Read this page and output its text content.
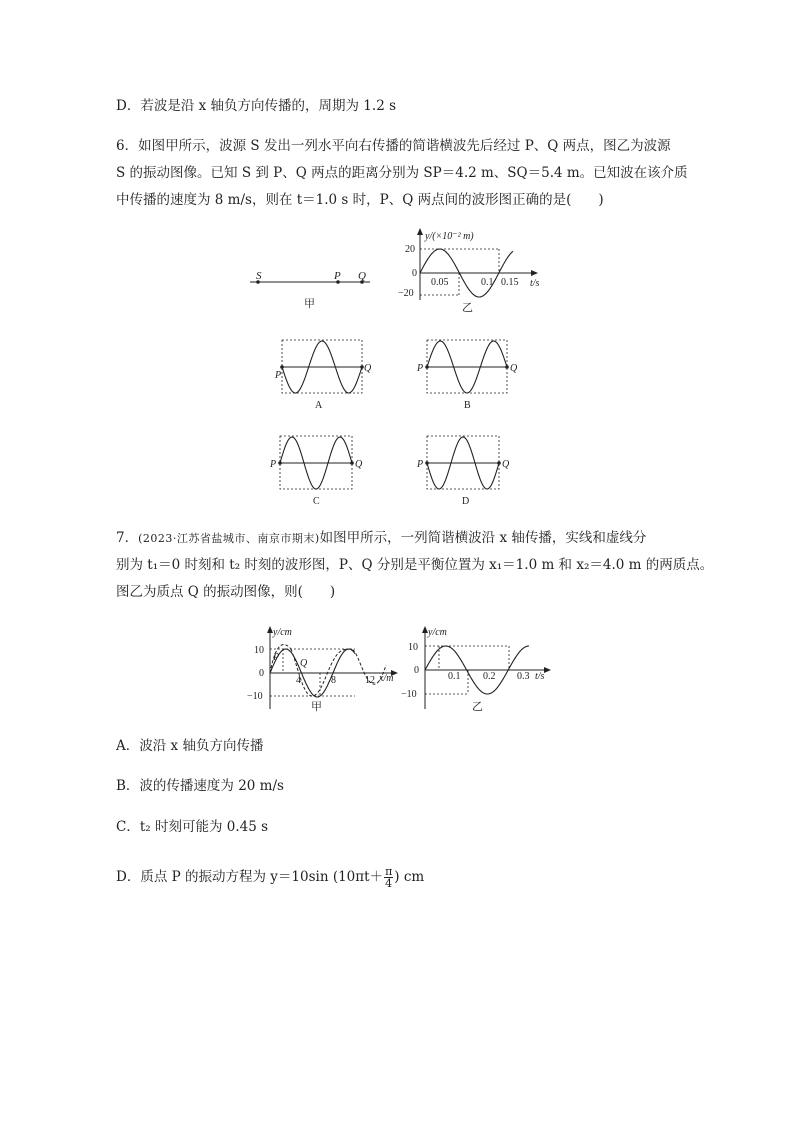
D．若波是沿 x 轴负方向传播的，周期为 1.2 s
6．如图甲所示，波源 S 发出一列水平向右传播的简谐横波先后经过 P、Q 两点，图乙为波源
S 的振动图像。已知 S 到 P、Q 两点的距离分别为 SP＝4.2 m、SQ＝5.4 m。已知波在该介质
中传播的速度为 8 m/s，则在 t＝1.0 s 时，P、Q 两点间的波形图正确的是(　　)
S	P Q
甲
y/(×10⁻² m)
t/s
20
0
−20
0.05	0.1 0.15
乙
P
Q
A
P	Q
B
P	Q
C
P	Q
D
7．(2023·江苏省盐城市、南京市期末)如图甲所示，一列简谐横波沿 x 轴传播，实线和虚线分
别为 t₁＝0 时刻和 t₂ 时刻的波形图，P、Q 分别是平衡位置为 x₁＝1.0 m 和 x₂＝4.0 m 的两质点。
图乙为质点 Q 的振动图像，则(　　)
y/cm
x/m
10
0
−10
4	8	12
P
Q
甲
y/cm
t/s
10
0
−10
0.1 0.2 0.3
乙
A．波沿 x 轴负方向传播
B．波的传播速度为 20 m/s
C．t₂ 时刻可能为 0.45 s
D．质点 P 的振动方程为 y＝10sin ($10\pi t+ \frac{\pi}{4}$ ) cm
